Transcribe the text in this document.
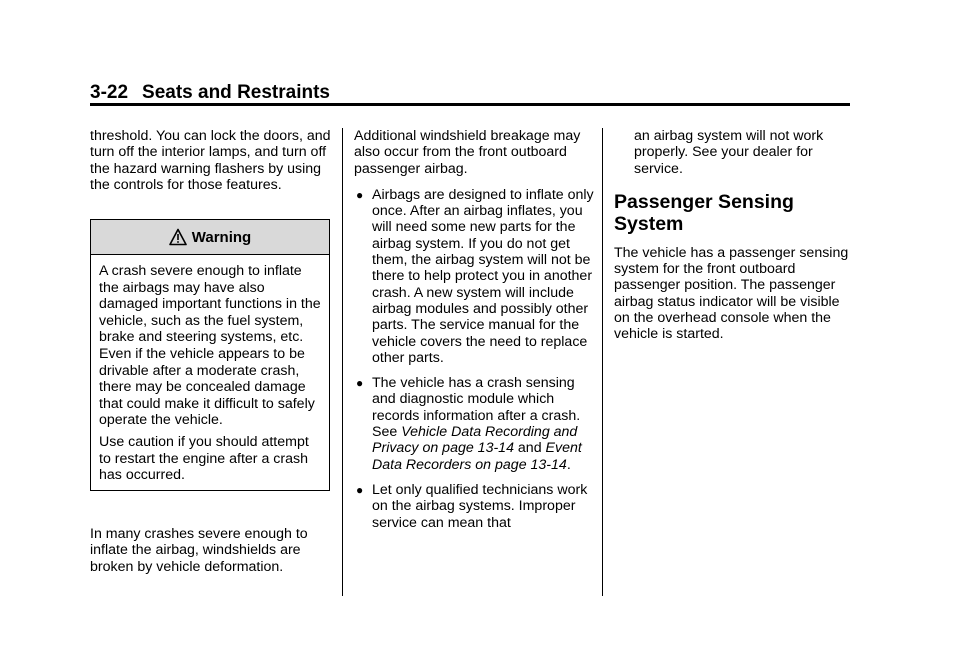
3-22 Seats and Restraints

threshold. You can lock the doors, and turn off the interior lamps, and turn off the hazard warning flashers by using the controls for those features.

Warning

A crash severe enough to inflate the airbags may have also damaged important functions in the vehicle, such as the fuel system, brake and steering systems, etc. Even if the vehicle appears to be drivable after a moderate crash, there may be concealed damage that could make it difficult to safely operate the vehicle.

Use caution if you should attempt to restart the engine after a crash has occurred.

In many crashes severe enough to inflate the airbag, windshields are broken by vehicle deformation.

Additional windshield breakage may also occur from the front outboard passenger airbag.

● Airbags are designed to inflate only once. After an airbag inflates, you will need some new parts for the airbag system. If you do not get them, the airbag system will not be there to help protect you in another crash. A new system will include airbag modules and possibly other parts. The service manual for the vehicle covers the need to replace other parts.
● The vehicle has a crash sensing and diagnostic module which records information after a crash. See Vehicle Data Recording and Privacy on page 13-14 and Event Data Recorders on page 13-14.
● Let only qualified technicians work on the airbag systems. Improper service can mean that

an airbag system will not work properly. See your dealer for service.

Passenger Sensing System

The vehicle has a passenger sensing system for the front outboard passenger position. The passenger airbag status indicator will be visible on the overhead console when the vehicle is started.
